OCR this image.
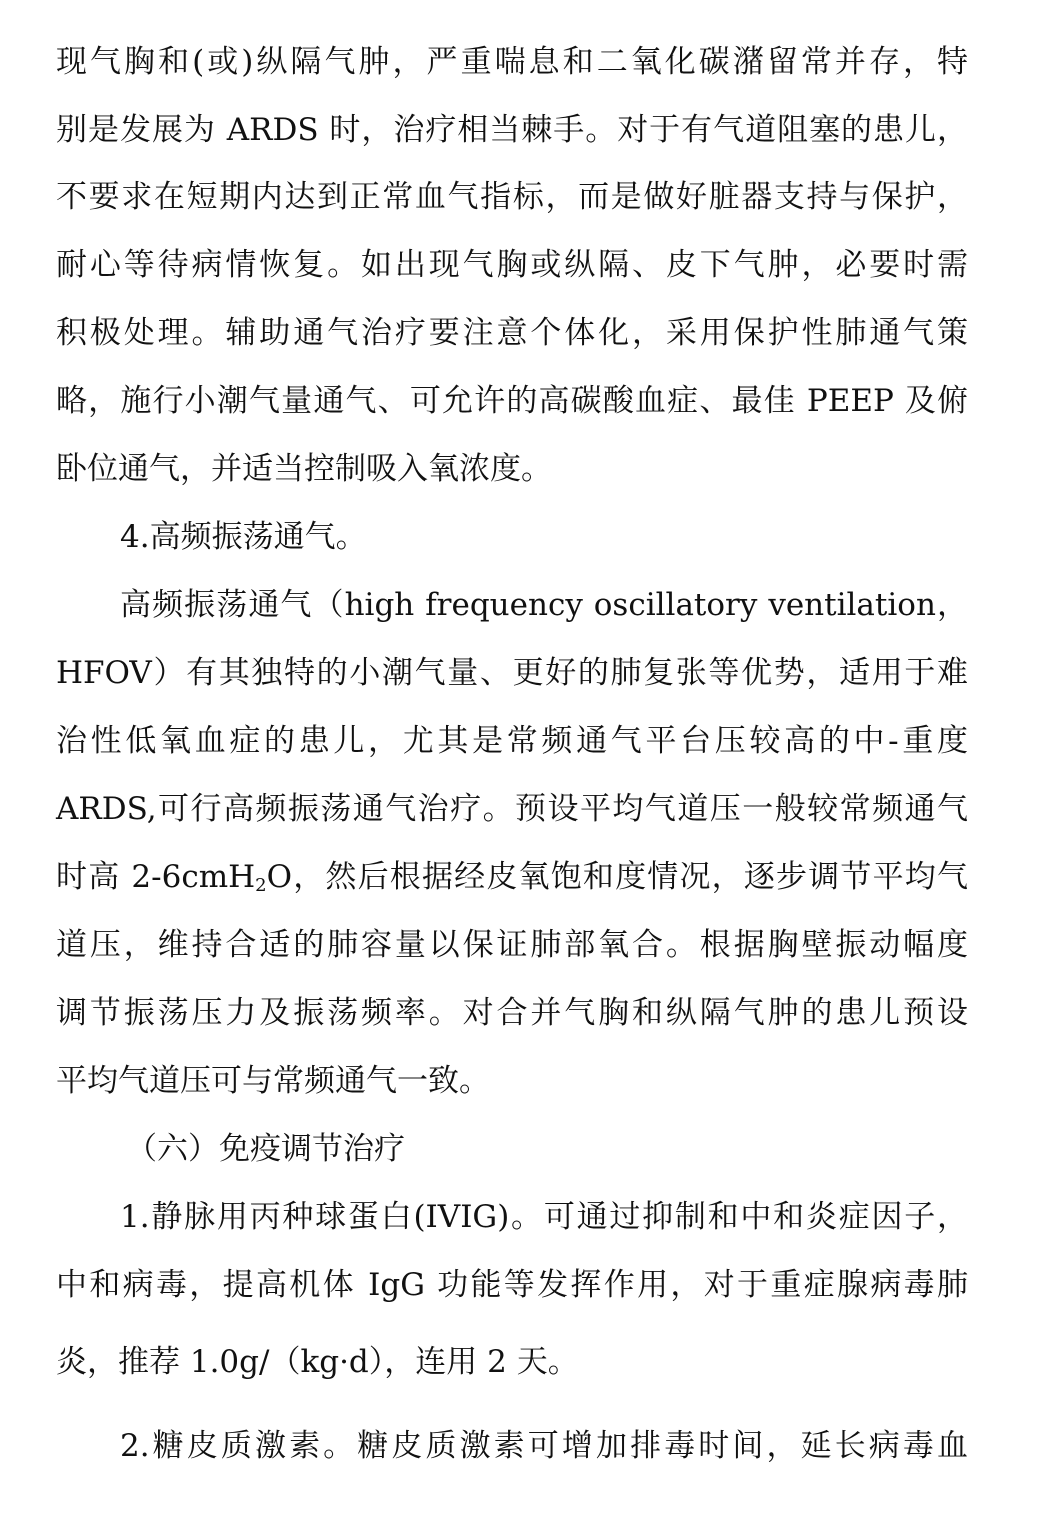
现气胸和(或)纵隔气肿，严重喘息和二氧化碳潴留常并存，特
别是发展为 ARDS 时，治疗相当棘手。对于有气道阻塞的患儿，
不要求在短期内达到正常血气指标，而是做好脏器支持与保护，
耐心等待病情恢复。如出现气胸或纵隔、皮下气肿，必要时需
积极处理。辅助通气治疗要注意个体化，采用保护性肺通气策
略，施行小潮气量通气、可允许的高碳酸血症、最佳 PEEP 及俯
卧位通气，并适当控制吸入氧浓度。
4.高频振荡通气。
高频振荡通气（high frequency oscillatory ventilation，
HFOV）有其独特的小潮气量、更好的肺复张等优势，适用于难
治性低氧血症的患儿，尤其是常频通气平台压较高的中-重度
ARDS,可行高频振荡通气治疗。预设平均气道压一般较常频通气
时高 2-6cmH$_2$O，然后根据经皮氧饱和度情况，逐步调节平均气
道压，维持合适的肺容量以保证肺部氧合。根据胸壁振动幅度
调节振荡压力及振荡频率。对合并气胸和纵隔气肿的患儿预设
平均气道压可与常频通气一致。
（六）免疫调节治疗
1.静脉用丙种球蛋白(IVIG)。可通过抑制和中和炎症因子，
中和病毒，提高机体 IgG 功能等发挥作用，对于重症腺病毒肺
炎，推荐 1.0g/（kg·d），连用 2 天。
2.糖皮质激素。糖皮质激素可增加排毒时间，延长病毒血
